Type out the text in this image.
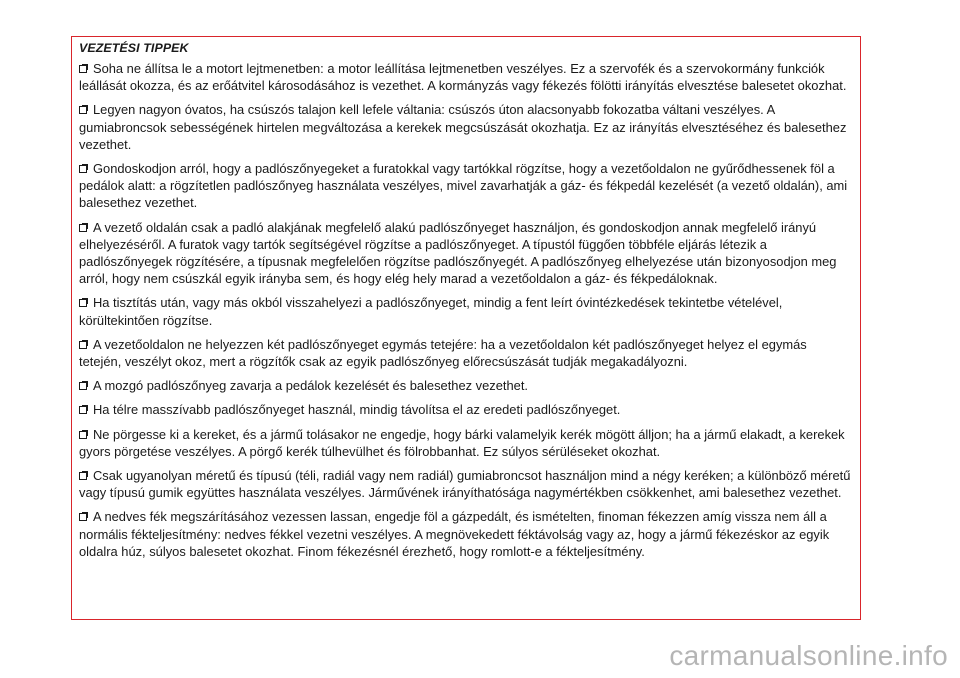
VEZETÉSI TIPPEK
Soha ne állítsa le a motort lejtmenetben: a motor leállítása lejtmenetben veszélyes. Ez a szervofék és a szervokormány funkciók leállását okozza, és az erőátvitel károsodásához is vezethet. A kormányzás vagy fékezés fölötti irányítás elvesztése balesetet okozhat.
Legyen nagyon óvatos, ha csúszós talajon kell lefele váltania: csúszós úton alacsonyabb fokozatba váltani veszélyes. A gumiabroncsok sebességének hirtelen megváltozása a kerekek megcsúszását okozhatja. Ez az irányítás elvesztéséhez és balesethez vezethet.
Gondoskodjon arról, hogy a padlószőnyegeket a furatokkal vagy tartókkal rögzítse, hogy a vezetőoldalon ne gyűrődhessenek föl a pedálok alatt: a rögzítetlen padlószőnyeg használata veszélyes, mivel zavarhatják a gáz- és fékpedál kezelését (a vezető oldalán), ami balesethez vezethet.
A vezető oldalán csak a padló alakjának megfelelő alakú padlószőnyeget használjon, és gondoskodjon annak megfelelő irányú elhelyezéséről. A furatok vagy tartók segítségével rögzítse a padlószőnyeget. A típustól függően többféle eljárás létezik a padlószőnyegek rögzítésére, a típusnak megfelelően rögzítse padlószőnyegét. A padlószőnyeg elhelyezése után bizonyosodjon meg arról, hogy nem csúszkál egyik irányba sem, és hogy elég hely marad a vezetőoldalon a gáz- és fékpedáloknak.
Ha tisztítás után, vagy más okból visszahelyezi a padlószőnyeget, mindig a fent leírt óvintézkedések tekintetbe vételével, körültekintően rögzítse.
A vezetőoldalon ne helyezzen két padlószőnyeget egymás tetejére: ha a vezetőoldalon két padlószőnyeget helyez el egymás tetején, veszélyt okoz, mert a rögzítők csak az egyik padlószőnyeg előrecsúszását tudják megakadályozni.
A mozgó padlószőnyeg zavarja a pedálok kezelését és balesethez vezethet.
Ha télre masszívabb padlószőnyeget használ, mindig távolítsa el az eredeti padlószőnyeget.
Ne pörgesse ki a kereket, és a jármű tolásakor ne engedje, hogy bárki valamelyik kerék mögött álljon; ha a jármű elakadt, a kerekek gyors pörgetése veszélyes. A pörgő kerék túlhevülhet és fölrobbanhat. Ez súlyos sérüléseket okozhat.
Csak ugyanolyan méretű és típusú (téli, radiál vagy nem radiál) gumiabroncsot használjon mind a négy keréken; a különböző méretű vagy típusú gumik együttes használata veszélyes. Járművének irányíthatósága nagymértékben csökkenhet, ami balesethez vezethet.
A nedves fék megszárításához vezessen lassan, engedje föl a gázpedált, és ismételten, finoman fékezzen amíg vissza nem áll a normális fékteljesítmény: nedves fékkel vezetni veszélyes. A megnövekedett féktávolság vagy az, hogy a jármű fékezéskor az egyik oldalra húz, súlyos balesetet okozhat. Finom fékezésnél érezhető, hogy romlott-e a fékteljesítmény.
carmanualsonline.info
